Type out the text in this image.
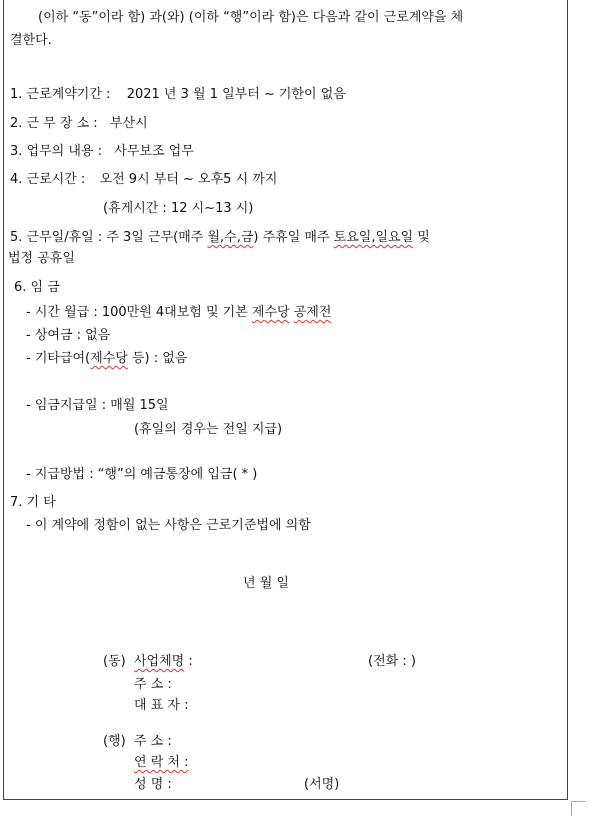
(이하 “동”이라 함) 과(와) (이하 “행”이라 함)은 다음과 같이 근로계약을 체
결한다.
1. 근로계약기간 : 2021 년 3 월 1 일부터 ~ 기한이 없음
2. 근 무 장 소 : 부산시
3. 업무의 내용 : 사무보조 업무
4. 근로시간 : 오전 9시 부터 ~ 오후5 시 까지
(휴게시간 : 12 시~13 시)
5. 근무일/휴일 : 주 3일 근무(매주 월,수,금) 주휴일 매주 토요일,일요일 및
법정 공휴일
6. 임 금
- 시간 월급 : 100만원 4대보험 및 기본 제수당 공제전
- 상여금 : 없음
- 기타급여(제수당 등) : 없음
- 임금지급일 : 매월 15일
(휴일의 경우는 전일 지급)
- 지급방법 : “행”의 예금통장에 입금( * )
7. 기 타
- 이 계약에 정함이 없는 사항은 근로기준법에 의함
년 월 일
(동) 사업체명 :	(전화 : )
주 소 :
대 표 자 :
(행) 주 소 :
연 락 처 :
성 명 :	(서명)
